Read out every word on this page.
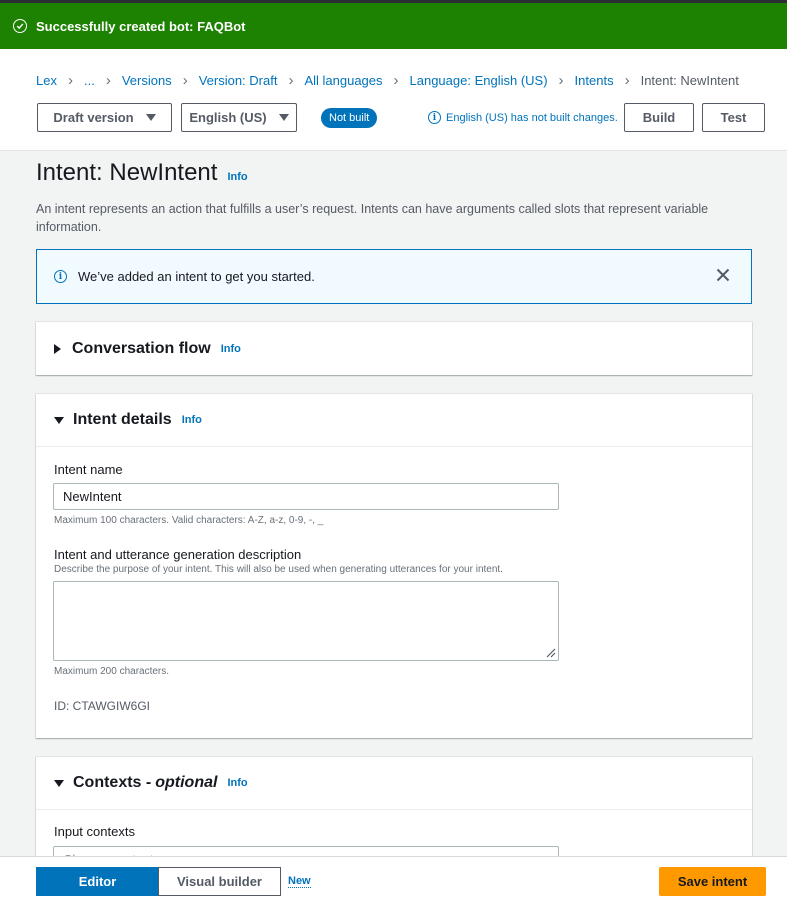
Successfully created bot: FAQBot
Lex › ... › Versions › Version: Draft › All languages › Language: English (US) › Intents › Intent: NewIntent
Draft version	English (US)	Not built	i English (US) has not built changes. Build	Test
Intent: NewIntent Info
An intent represents an action that fulfills a user’s request. Intents can have arguments called slots that represent variable information.
i	We’ve added an intent to get you started.
Conversation flow Info
Intent details Info
Intent name
NewIntent
Maximum 100 characters. Valid characters: A-Z, a-z, 0-9, -, _
Intent and utterance generation description
Describe the purpose of your intent. This will also be used when generating utterances for your intent.
Maximum 200 characters.
ID: CTAWGIW6GI
Contexts - optional Info
Input contexts
Editor	Visual builder	New	Save intent
